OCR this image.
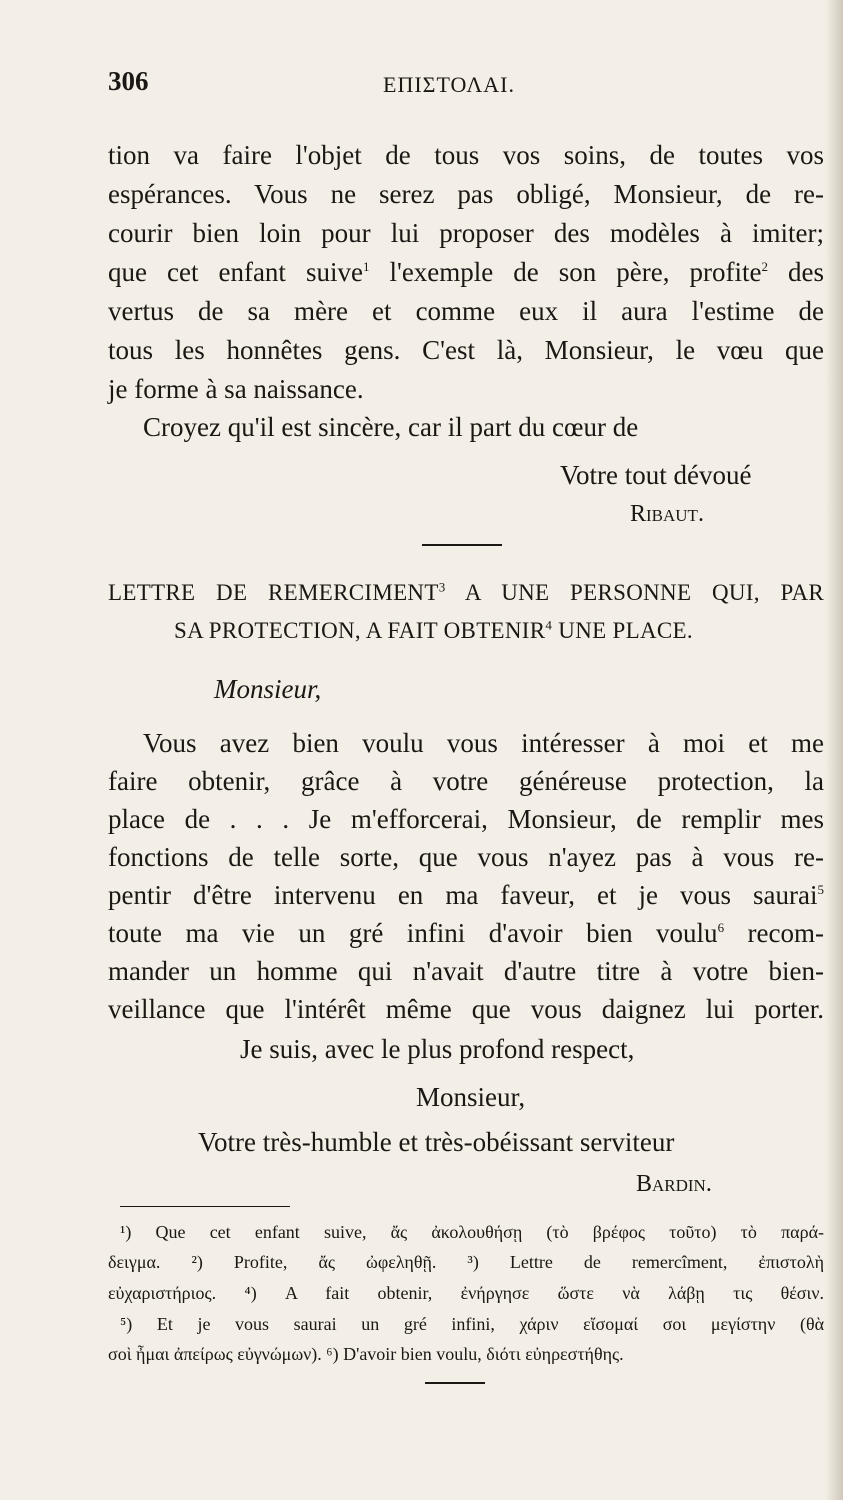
306	ΕΠΙΣΤΟΛΑΙ.
tion va faire l'objet de tous vos soins, de toutes vos
espérances. Vous ne serez pas obligé, Monsieur, de re-
courir bien loin pour lui proposer des modèles à imiter;
que cet enfant suive$^1$ l'exemple de son père, profite$^2$ des
vertus de sa mère et comme eux il aura l'estime de
tous les honnêtes gens. C'est là, Monsieur, le vœu que
je forme à sa naissance.
Croyez qu'il est sincère, car il part du cœur de
Votre tout dévoué
Ribaut.
LETTRE DE REMERCIMENT$^3$ A UNE PERSONNE QUI, PAR
SA PROTECTION, A FAIT OBTENIR$^4$ UNE PLACE.
Monsieur,
Vous avez bien voulu vous intéresser à moi et me
faire obtenir, grâce à votre généreuse protection, la
place de . . . Je m'efforcerai, Monsieur, de remplir mes
fonctions de telle sorte, que vous n'ayez pas à vous re-
pentir d'être intervenu en ma faveur, et je vous saurai$^5$
toute ma vie un gré infini d'avoir bien voulu$^6$ recom-
mander un homme qui n'avait d'autre titre à votre bien-
veillance que l'intérêt même que vous daignez lui porter.
Je suis, avec le plus profond respect,
Monsieur,
Votre très-humble et très-obéissant serviteur
Bardin.
¹) Que cet enfant suive, ἄς ἀκολουθήσῃ (τὸ βρέφος τοῦτο) τὸ παρά-
δειγμα. ²) Profite, ἄς ὠφεληθῇ. ³) Lettre de remercîment, ἐπιστολὴ
εὐχαριστήριος. ⁴) A fait obtenir, ἐνήργησε ὥστε νὰ λάβῃ τις θέσιν.
⁵) Et je vous saurai un gré infini, χάριν εἴσομαί σοι μεγίστην (θὰ
σοὶ ἦμαι ἀπείρως εὐγνώμων). ⁶) D'avoir bien voulu, διότι εὐηρεστήθης.
